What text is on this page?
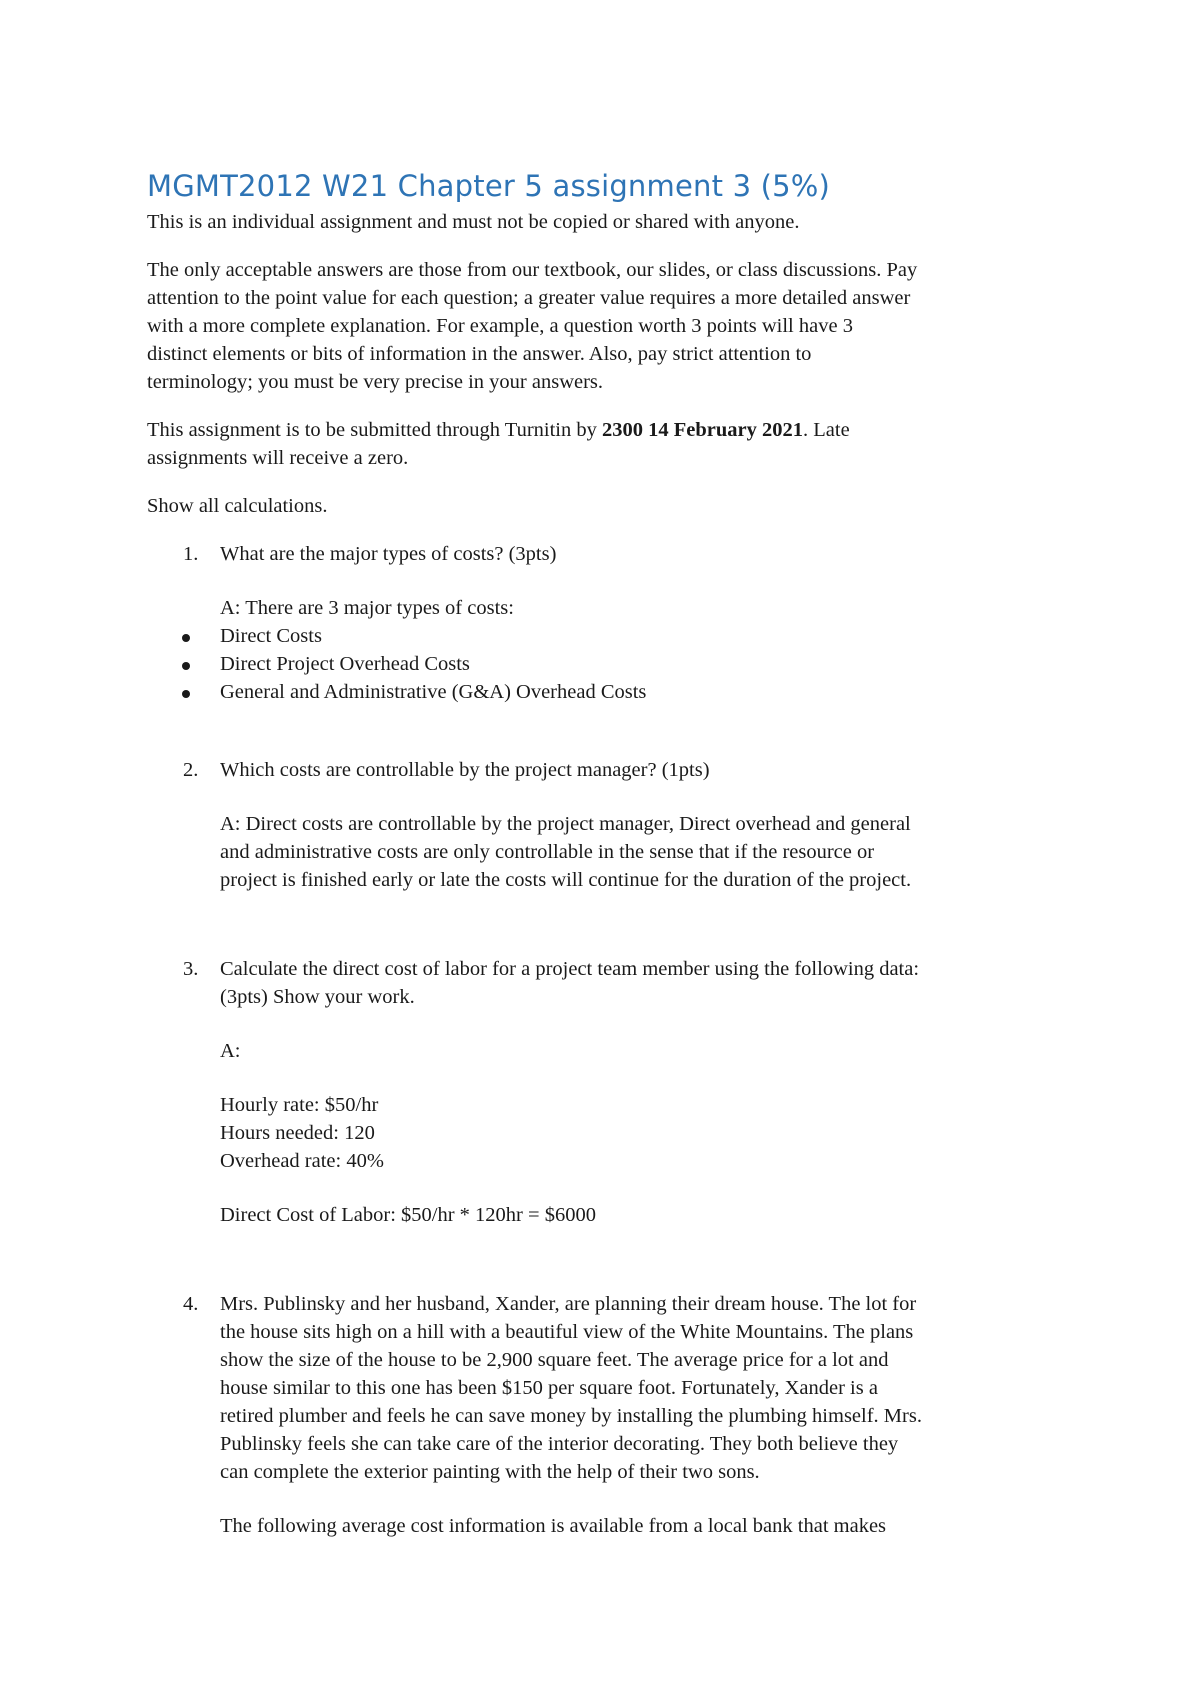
MGMT2012 W21 Chapter 5 assignment 3 (5%)

This is an individual assignment and must not be copied or shared with anyone.

The only acceptable answers are those from our textbook, our slides, or class discussions. Pay
attention to the point value for each question; a greater value requires a more detailed answer
with a more complete explanation. For example, a question worth 3 points will have 3
distinct elements or bits of information in the answer. Also, pay strict attention to
terminology; you must be very precise in your answers.
This assignment is to be submitted through Turnitin by 2300 14 February 2021. Late
assignments will receive a zero.

Show all calculations.

1.	What are the major types of costs? (3pts)
A: There are 3 major types of costs:
Direct Costs
Direct Project Overhead Costs
General and Administrative (G&A) Overhead Costs
2.	Which costs are controllable by the project manager? (1pts)
A: Direct costs are controllable by the project manager, Direct overhead and general
and administrative costs are only controllable in the sense that if the resource or
project is finished early or late the costs will continue for the duration of the project.
3.	Calculate the direct cost of labor for a project team member using the following data:
(3pts) Show your work.
A:
Hourly rate: $50/hr
Hours needed: 120
Overhead rate: 40%
Direct Cost of Labor: $50/hr * 120hr = $6000
4.	Mrs. Publinsky and her husband, Xander, are planning their dream house. The lot for
the house sits high on a hill with a beautiful view of the White Mountains. The plans
show the size of the house to be 2,900 square feet. The average price for a lot and
house similar to this one has been $150 per square foot. Fortunately, Xander is a
retired plumber and feels he can save money by installing the plumbing himself. Mrs.
Publinsky feels she can take care of the interior decorating. They both believe they
can complete the exterior painting with the help of their two sons.
The following average cost information is available from a local bank that makes
